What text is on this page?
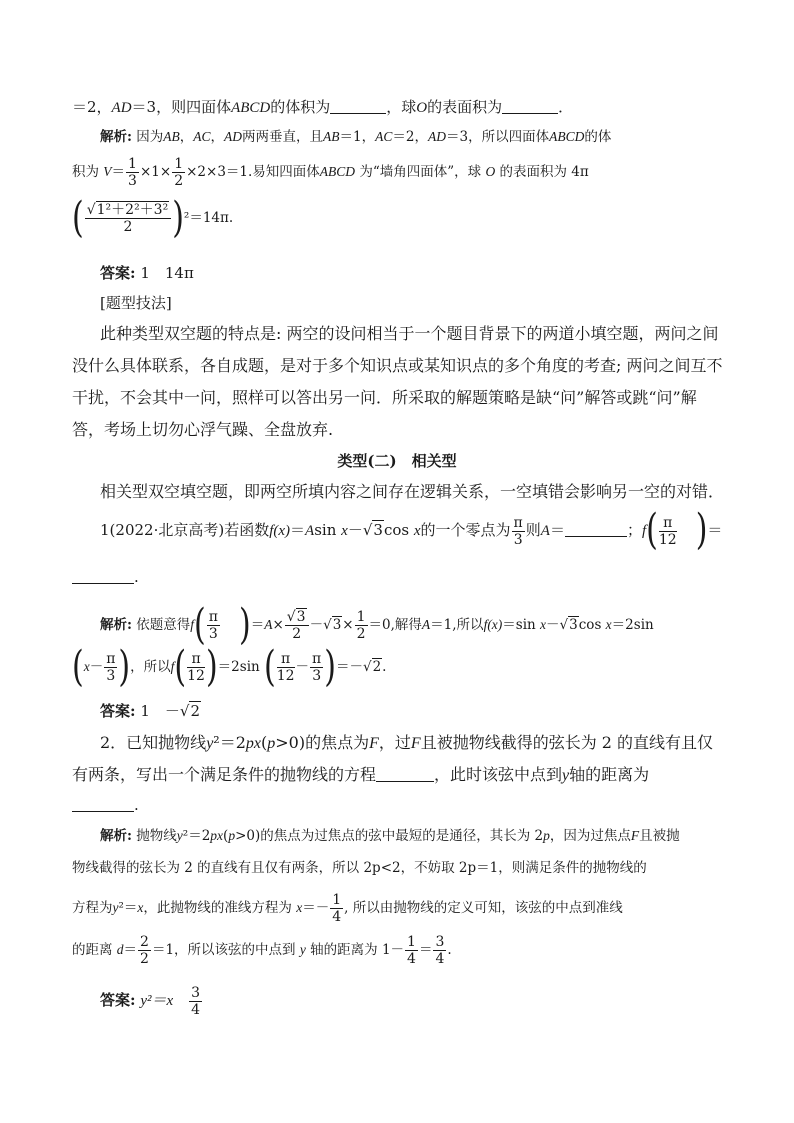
＝2，AD＝3，则四面体ABCD的体积为	，球O的表面积为	．
解析: 因为AB，AC，AD两两垂直，且AB＝1，AC＝2，AD＝3，所以四面体ABCD的体
积为 $V= \frac{1}{3} \times 1\times \frac{1}{2} \times 2\times 3=1$.易知四面体ABCD 为“墙角四面体”，球 O 的表面积为 4π
( $\frac{\text{√1²＋2²＋3²}}{2} )^2=14\pi$.
答案: 1　14π
[题型技法]
此种类型双空题的特点是: 两空的设问相当于一个题目背景下的两道小填空题，两问之间
没什么具体联系，各自成题，是对于多个知识点或某知识点的多个角度的考查; 两问之间互不
干扰，不会其中一问，照样可以答出另一问．所采取的解题策略是缺“问”解答或跳“问”解
答，考场上切勿心浮气躁、全盘放弃.
类型(二)　相关型
相关型双空填空题，即两空所填内容之间存在逻辑关系，一空填错会影响另一空的对错．
1(2022·北京高考)若函数f(x)＝Asin x－√3cos x的一个零点为 $\frac{\pi}{3}$ 则A＝	；$f( \frac{\pi}{12}$ )＝
.
解析: 依题意得$f( \frac{\pi}{3} )=A\times \frac{√3}{2} -√3\times \frac{1}{2} =0$,解得A＝1,所以f(x)＝sin x－√3cos x＝2sin
($x- \frac{\pi}{3}$ )，所以$f( \frac{\pi}{12} )=2\sin$ ( $\frac{\pi}{12} - \frac{\pi}{3} )=-√2$.
答案: 1　－√2
2．已知抛物线y²＝2px(p>0)的焦点为F，过F且被抛物线截得的弦长为 2 的直线有且仅
有两条，写出一个满足条件的抛物线的方程	，此时该弦中点到y轴的距离为
.
解析: 抛物线y²＝2px(p>0)的焦点为过焦点的弦中最短的是通径，其长为 2p，因为过焦点F且被抛
物线截得的弦长为 2 的直线有且仅有两条，所以 2p<2，不妨取 2p＝1，则满足条件的抛物线的
方程为y²＝x，此抛物线的准线方程为 $x=- \frac{1}{4}$ , 所以由抛物线的定义可知，该弦的中点到准线
的距离 $d= \frac{2}{2} =1$，所以该弦的中点到 y 轴的距离为 $1- \frac{1}{4} = \frac{3}{4}$ .
答案: y²＝x　 $\frac{3}{4}$
